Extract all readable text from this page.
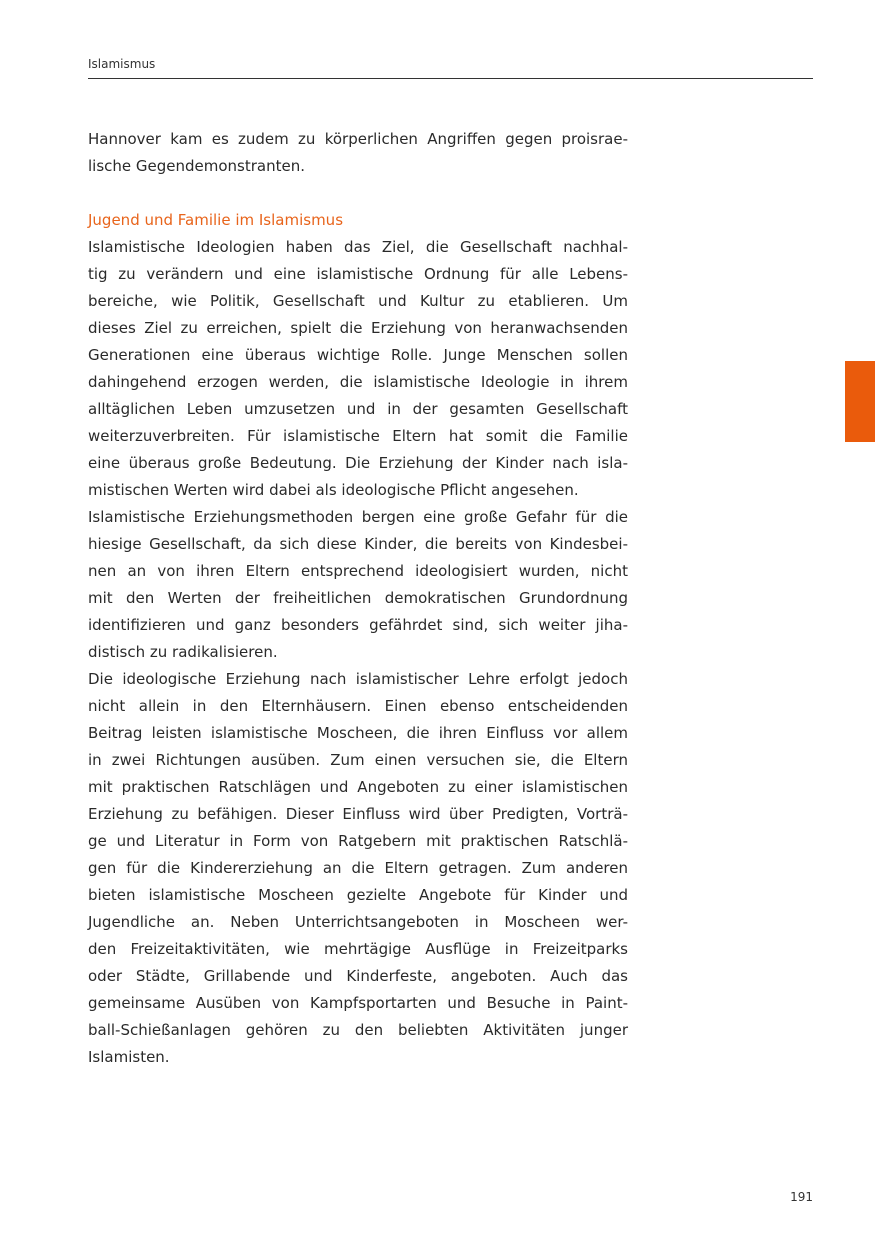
Islamismus
Hannover kam es zudem zu körperlichen Angriffen gegen proisrae-
lische Gegendemonstranten.
Jugend und Familie im Islamismus
Islamistische Ideologien haben das Ziel, die Gesellschaft nachhal-
tig zu verändern und eine islamistische Ordnung für alle Lebens-
bereiche, wie Politik, Gesellschaft und Kultur zu etablieren. Um
dieses Ziel zu erreichen, spielt die Erziehung von heranwachsenden
Generationen eine überaus wichtige Rolle. Junge Menschen sollen
dahingehend erzogen werden, die islamistische Ideologie in ihrem
alltäglichen Leben umzusetzen und in der gesamten Gesellschaft
weiterzuverbreiten. Für islamistische Eltern hat somit die Familie
eine überaus große Bedeutung. Die Erziehung der Kinder nach isla-
mistischen Werten wird dabei als ideologische Pflicht angesehen.
Islamistische Erziehungsmethoden bergen eine große Gefahr für die
hiesige Gesellschaft, da sich diese Kinder, die bereits von Kindesbei-
nen an von ihren Eltern entsprechend ideologisiert wurden, nicht
mit den Werten der freiheitlichen demokratischen Grundordnung
identifizieren und ganz besonders gefährdet sind, sich weiter jiha-
distisch zu radikalisieren.
Die ideologische Erziehung nach islamistischer Lehre erfolgt jedoch
nicht allein in den Elternhäusern. Einen ebenso entscheidenden
Beitrag leisten islamistische Moscheen, die ihren Einfluss vor allem
in zwei Richtungen ausüben. Zum einen versuchen sie, die Eltern
mit praktischen Ratschlägen und Angeboten zu einer islamistischen
Erziehung zu befähigen. Dieser Einfluss wird über Predigten, Vorträ-
ge und Literatur in Form von Ratgebern mit praktischen Ratschlä-
gen für die Kindererziehung an die Eltern getragen. Zum anderen
bieten islamistische Moscheen gezielte Angebote für Kinder und
Jugendliche an. Neben Unterrichtsangeboten in Moscheen wer-
den Freizeitaktivitäten, wie mehrtägige Ausflüge in Freizeitparks
oder Städte, Grillabende und Kinderfeste, angeboten. Auch das
gemeinsame Ausüben von Kampfsportarten und Besuche in Paint-
ball-Schießanlagen gehören zu den beliebten Aktivitäten junger
Islamisten.
191
